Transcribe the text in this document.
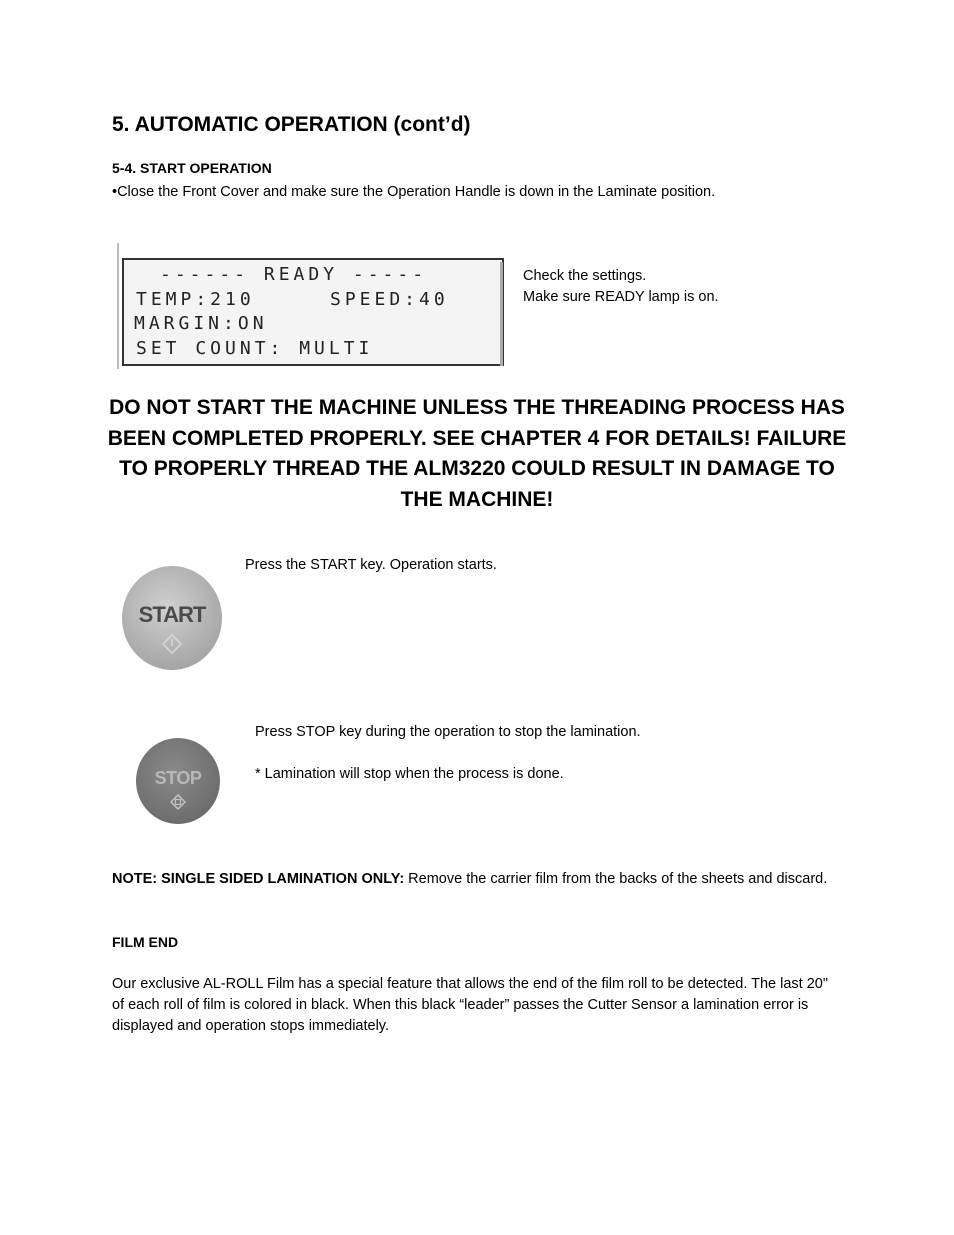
5. AUTOMATIC OPERATION (cont’d)
5-4. START OPERATION
•Close the Front Cover and make sure the Operation Handle is down in the Laminate position.
------ READY -----
TEMP:210	SPEED:40
MARGIN:ON
SET COUNT: MULTI
Check the settings.
Make sure READY lamp is on.
DO NOT START THE MACHINE UNLESS THE THREADING PROCESS HAS
BEEN COMPLETED PROPERLY. SEE CHAPTER 4 FOR DETAILS! FAILURE
TO PROPERLY THREAD THE ALM3220 COULD RESULT IN DAMAGE TO
THE MACHINE!
START
Press the START key. Operation starts.
STOP
Press STOP key during the operation to stop the lamination.
* Lamination will stop when the process is done.
NOTE: SINGLE SIDED LAMINATION ONLY: Remove the carrier film from the backs of the sheets and discard.
FILM END
Our exclusive AL-ROLL Film has a special feature that allows the end of the film roll to be detected. The last 20" of each roll of film is colored in black. When this black “leader” passes the Cutter Sensor a lamination error is displayed and operation stops immediately.
